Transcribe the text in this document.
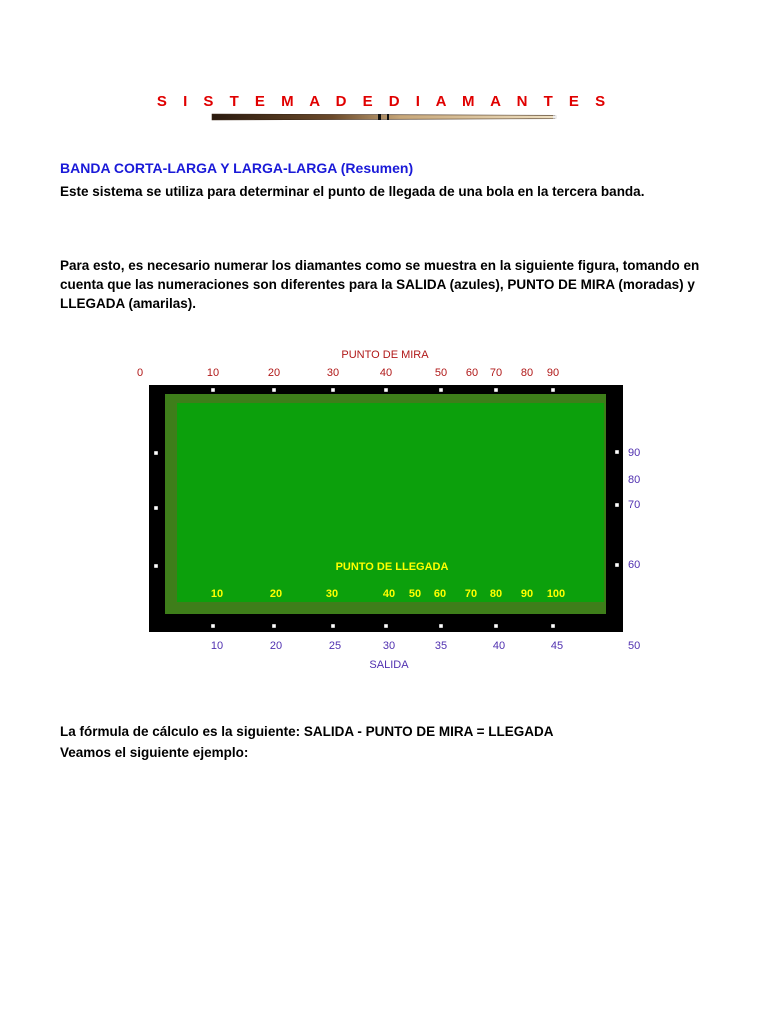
S I S T E M A D E D I A M A N T E S
BANDA CORTA-LARGA Y LARGA-LARGA (Resumen)
Este sistema se utiliza para determinar el punto de llegada de una bola en la tercera banda.
Para esto, es necesario numerar los diamantes como se muestra en la siguiente figura, tomando en cuenta que las numeraciones son diferentes para la SALIDA (azules), PUNTO DE MIRA (moradas) y LLEGADA (amarilas).
PUNTO DE MIRA
0	10	20	30	40	50 60 70 80 90
PUNTO DE LLEGADA
10	20	30	40 50 60 70 80 90 100
90
80
70
60
50
10	20	25	30	35	40	45
SALIDA
La fórmula de cálculo es la siguiente: SALIDA - PUNTO DE MIRA = LLEGADA
Veamos el siguiente ejemplo:
